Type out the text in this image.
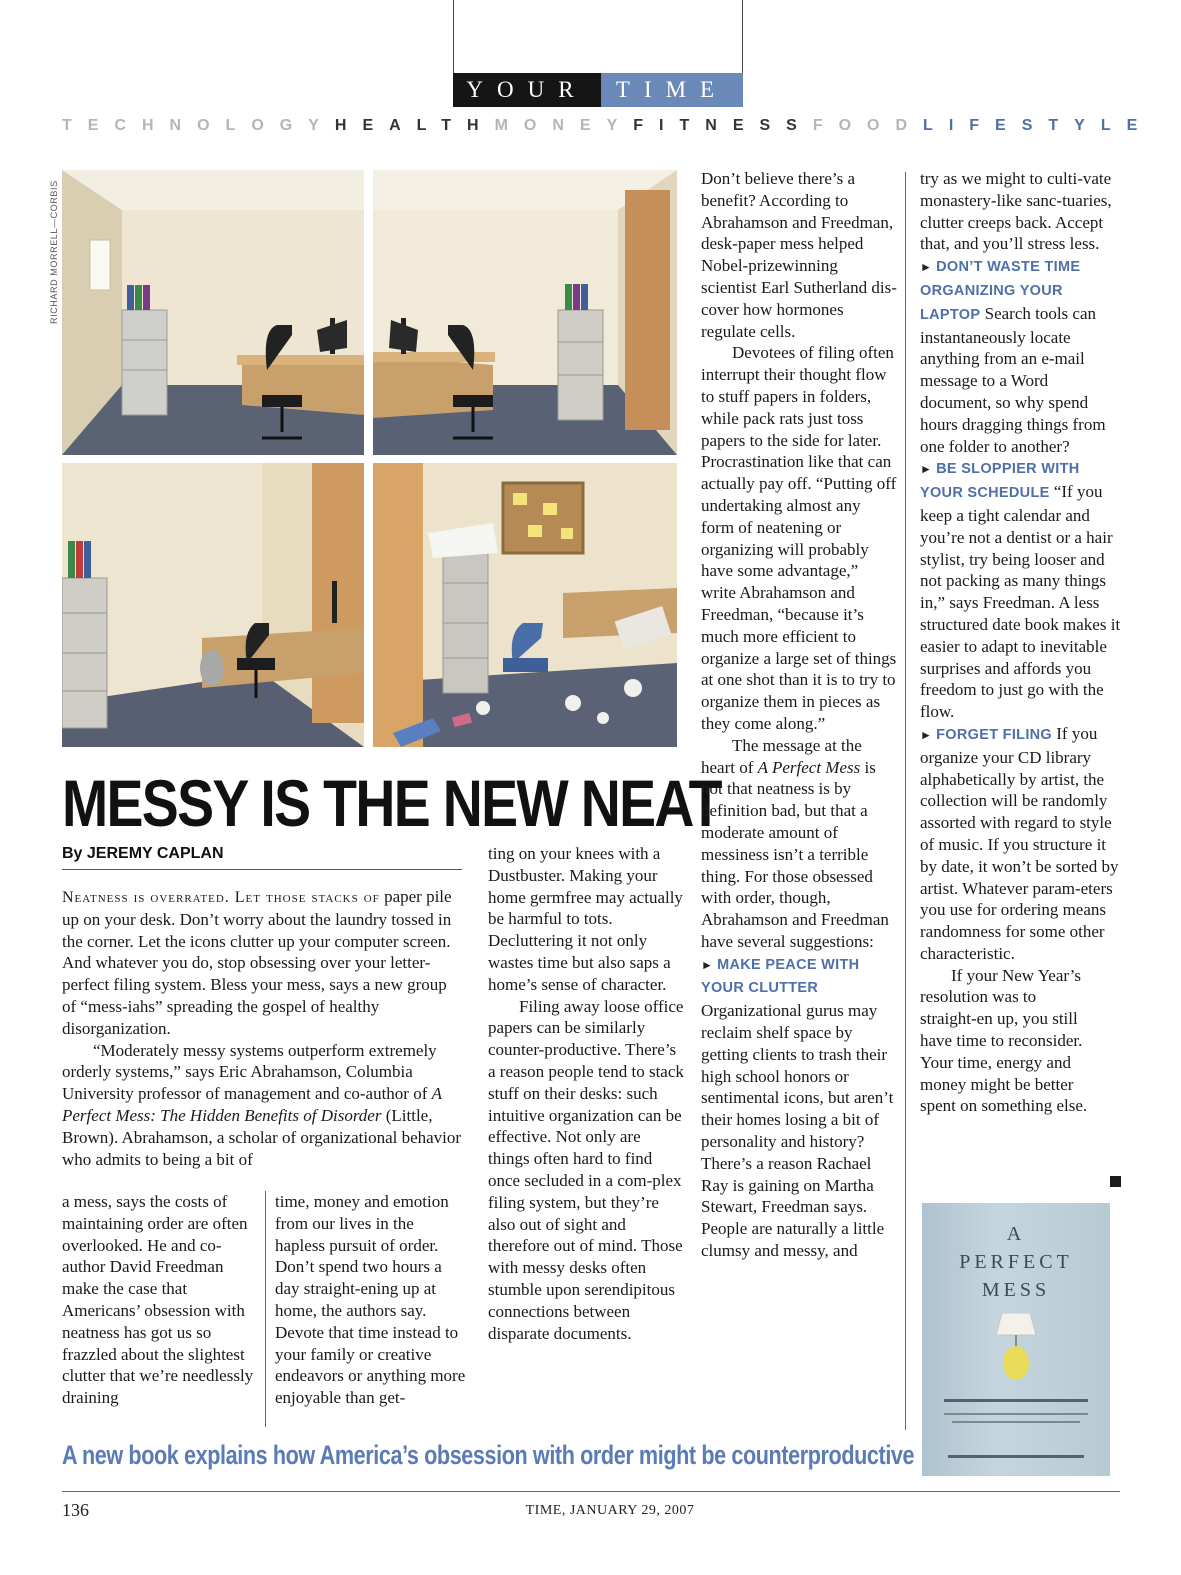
YOUR	TIME
TECHNOLOGY HEALTH MONEY FITNESS FOOD LIFESTYLE
RICHARD MORRELL—CORBIS
MESSY IS THE NEW NEAT
By JEREMY CAPLAN

Neatness is overrated. Let those stacks of paper pile up on your desk. Don’t worry about the laundry tossed in the corner. Let the icons clutter up your computer screen. And whatever you do, stop obsessing over your letter-perfect filing system. Bless your mess, says a new group of “mess-iahs” spreading the gospel of healthy disorganization.

“Moderately messy systems outperform extremely orderly systems,” says Eric Abrahamson, Columbia University professor of management and co-author of A Perfect Mess: The Hidden Benefits of Disorder (Little, Brown). Abrahamson, a scholar of organizational behavior who admits to being a bit of

a mess, says the costs of maintaining order are often overlooked. He and co-author David Freedman make the case that Americans’ obsession with neatness has got us so frazzled about the slightest clutter that we’re needlessly draining

time, money and emotion from our lives in the hapless pursuit of order. Don’t spend two hours a day straight-ening up at home, the authors say. Devote that time instead to your family or creative endeavors or anything more enjoyable than get-

ting on your knees with a Dustbuster. Making your home germfree may actually be harmful to tots. Decluttering it not only wastes time but also saps a home’s sense of character.

Filing away loose office papers can be similarly counter-productive. There’s a reason people tend to stack stuff on their desks: such intuitive organization can be effective. Not only are things often hard to find once secluded in a com-plex filing system, but they’re also out of sight and therefore out of mind. Those with messy desks often stumble upon serendipitous connections between disparate documents.

Don’t believe there’s a benefit? According to Abrahamson and Freedman, desk-paper mess helped Nobel-prizewinning scientist Earl Sutherland dis-cover how hormones regulate cells.

Devotees of filing often interrupt their thought flow to stuff papers in folders, while pack rats just toss papers to the side for later. Procrastination like that can actually pay off. “Putting off undertaking almost any form of neatening or organizing will probably have some advantage,” write Abrahamson and Freedman, “because it’s much more efficient to organize a large set of things at one shot than it is to try to organize them in pieces as they come along.”

The message at the heart of A Perfect Mess is not that neatness is by definition bad, but that a moderate amount of messiness isn’t a terrible thing. For those obsessed with order, though, Abrahamson and Freedman have several suggestions:

► MAKE PEACE WITH YOUR CLUTTER Organizational gurus may reclaim shelf space by getting clients to trash their high school honors or sentimental icons, but aren’t their homes losing a bit of personality and history? There’s a reason Rachael Ray is gaining on Martha Stewart, Freedman says. People are naturally a little clumsy and messy, and

try as we might to culti-vate monastery-like sanc-tuaries, clutter creeps back. Accept that, and you’ll stress less.

► DON’T WASTE TIME ORGANIZING YOUR LAPTOP Search tools can instantaneously locate anything from an e-mail message to a Word document, so why spend hours dragging things from one folder to another?

► BE SLOPPIER WITH YOUR SCHEDULE “If you keep a tight calendar and you’re not a dentist or a hair stylist, try being looser and not packing as many things in,” says Freedman. A less structured date book makes it easier to adapt to inevitable surprises and affords you freedom to just go with the flow.

► FORGET FILING If you organize your CD library alphabetically by artist, the collection will be randomly assorted with regard to style of music. If you structure it by date, it won’t be sorted by artist. Whatever param-eters you use for ordering means randomness for some other characteristic.

If your New Year’s resolution was to straight-en up, you still have time to reconsider. Your time, energy and money might be better spent on something else.

A
PERFECT
MESS
A new book explains how America’s obsession with order might be counterproductive
136	TIME, JANUARY 29, 2007
